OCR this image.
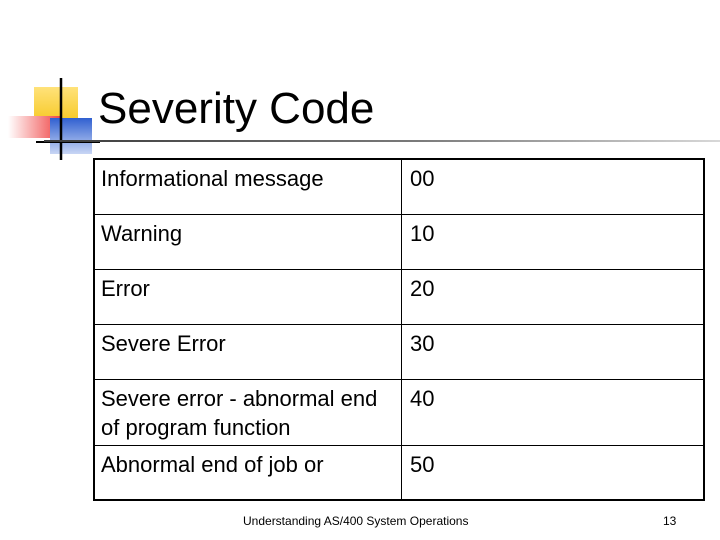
Severity Code
Informational message	00
Warning	10
Error	20
Severe Error	30
Severe error - abnormal end of program function	40
Abnormal end of job or	50
Understanding AS/400 System Operations	13
